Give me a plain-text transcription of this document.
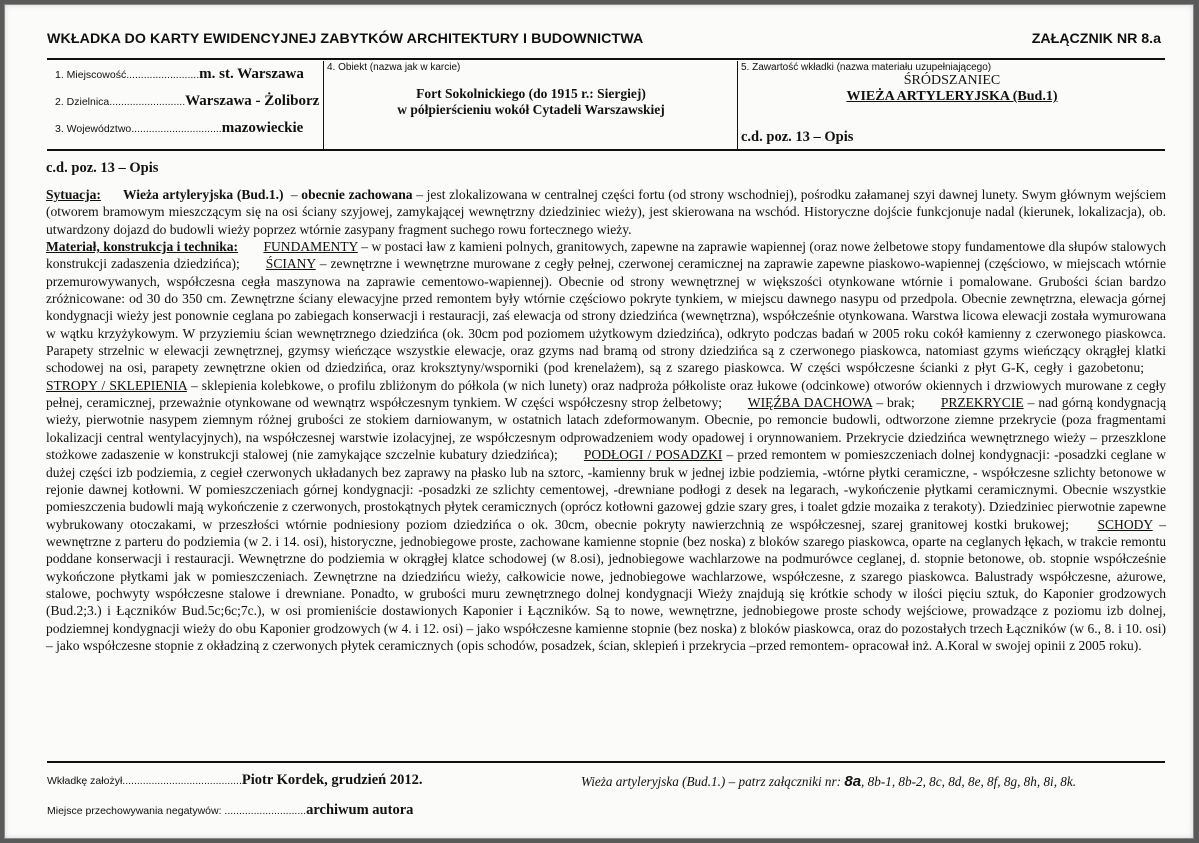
WKŁADKA DO KARTY EWIDENCYJNEJ ZABYTKÓW ARCHITEKTURY I BUDOWNICTWA	ZAŁĄCZNIK NR 8.a
1. Miejscowość......................... m. st. Warszawa
2. Dzielnica.......................... Warszawa - Żoliborz
3. Województwo............................... mazowieckie
4. Obiekt (nazwa jak w karcie)
Fort Sokolnickiego (do 1915 r.: Siergiej)
w półpierścieniu wokół Cytadeli Warszawskiej
5. Zawartość wkładki (nazwa materiału uzupełniającego)
ŚRÓDSZANIEC
WIEŻA ARTYLERYJSKA (Bud.1)
c.d. poz. 13 – Opis
c.d. poz. 13 – Opis

Sytuacja: Wieża artyleryjska (Bud.1.)  – obecnie zachowana – jest zlokalizowana w centralnej części fortu (od strony wschodniej), pośrodku załamanej szyi dawnej lunety. Swym głównym wejściem (otworem bramowym mieszczącym się na osi ściany szyjowej, zamykającej wewnętrzny dziedziniec wieży), jest skierowana na wschód. Historyczne dojście funkcjonuje nadal (kierunek, lokalizacja), ob. utwardzony dojazd do budowli wieży poprzez wtórnie zasypany fragment suchego rowu fortecznego wieży.

Materiał, konstrukcja i technika: FUNDAMENTY – w postaci ław z kamieni polnych, granitowych, zapewne na zaprawie wapiennej (oraz nowe żelbetowe stopy fundamentowe dla słupów stalowych konstrukcji zadaszenia dziedzińca); ŚCIANY – zewnętrzne i wewnętrzne murowane z cegły pełnej, czerwonej ceramicznej na zaprawie zapewne piaskowo-wapiennej (częściowo, w miejscach wtórnie przemurowywanych, współczesna cegła maszynowa na zaprawie cementowo-wapiennej). Obecnie od strony wewnętrznej w większości otynkowane wtórnie i pomalowane. Grubości ścian bardzo zróżnicowane: od 30 do 350 cm. Zewnętrzne ściany elewacyjne przed remontem były wtórnie częściowo pokryte tynkiem, w miejscu dawnego nasypu od przedpola. Obecnie zewnętrzna, elewacja górnej kondygnacji wieży jest ponownie ceglana po zabiegach konserwacji i restauracji, zaś elewacja od strony dziedzińca (wewnętrzna), współcześnie otynkowana. Warstwa licowa elewacji została wymurowana w wątku krzyżykowym. W przyziemiu ścian wewnętrznego dziedzińca (ok. 30cm pod poziomem użytkowym dziedzińca), odkryto podczas badań w 2005 roku cokół kamienny z czerwonego piaskowca. Parapety strzelnic w elewacji zewnętrznej, gzymsy wieńczące wszystkie elewacje, oraz gzyms nad bramą od strony dziedzińca są z czerwonego piaskowca, natomiast gzyms wieńczący okrągłej klatki schodowej na osi, parapety zewnętrzne okien od dziedzińca, oraz kroksztyny/wsporniki (pod krenelażem), są z szarego piaskowca. W części współczesne ścianki z płyt G-K, cegły i gazobetonu; STROPY / SKLEPIENIA – sklepienia kolebkowe, o profilu zbliżonym do półkola (w nich lunety) oraz nadproża półkoliste oraz łukowe (odcinkowe) otworów okiennych i drzwiowych murowane z cegły pełnej, ceramicznej, przeważnie otynkowane od wewnątrz współczesnym tynkiem. W części współczesny strop żelbetowy; WIĘŹBA DACHOWA – brak; PRZEKRYCIE – nad górną kondygnacją wieży, pierwotnie nasypem ziemnym różnej grubości ze stokiem darniowanym, w ostatnich latach zdeformowanym. Obecnie, po remoncie budowli, odtworzone ziemne przekrycie (poza fragmentami lokalizacji central wentylacyjnych), na współczesnej warstwie izolacyjnej, ze współczesnym odprowadzeniem wody opadowej i orynnowaniem. Przekrycie dziedzińca wewnętrznego wieży – przeszklone stożkowe zadaszenie w konstrukcji stalowej (nie zamykające szczelnie kubatury dziedzińca); PODŁOGI / POSADZKI – przed remontem w pomieszczeniach dolnej kondygnacji: -posadzki ceglane w dużej części izb podziemia, z cegieł czerwonych układanych bez zaprawy na płasko lub na sztorc, -kamienny bruk w jednej izbie podziemia, -wtórne płytki ceramiczne, - współczesne szlichty betonowe w rejonie dawnej kotłowni. W pomieszczeniach górnej kondygnacji: -posadzki ze szlichty cementowej, -drewniane podłogi z desek na legarach, -wykończenie płytkami ceramicznymi. Obecnie wszystkie pomieszczenia budowli mają wykończenie z czerwonych, prostokątnych płytek ceramicznych (oprócz kotłowni gazowej gdzie szary gres, i toalet gdzie mozaika z terakoty). Dziedziniec pierwotnie zapewne wybrukowany otoczakami, w przeszłości wtórnie podniesiony poziom dziedzińca o ok. 30cm, obecnie pokryty nawierzchnią ze współczesnej, szarej granitowej kostki brukowej; SCHODY – wewnętrzne z parteru do podziemia (w 2. i 14. osi), historyczne, jednobiegowe proste, zachowane kamienne stopnie (bez noska) z bloków szarego piaskowca, oparte na ceglanych łękach, w trakcie remontu poddane konserwacji i restauracji. Wewnętrzne do podziemia w okrągłej klatce schodowej (w 8.osi), jednobiegowe wachlarzowe na podmurówce ceglanej, d. stopnie betonowe, ob. stopnie współcześnie wykończone płytkami jak w pomieszczeniach. Zewnętrzne na dziedzińcu wieży, całkowicie nowe, jednobiegowe wachlarzowe, współczesne, z szarego piaskowca. Balustrady współczesne, ażurowe, stalowe, pochwyty współczesne stalowe i drewniane. Ponadto, w grubości muru zewnętrznego dolnej kondygnacji Wieży znajdują się krótkie schody w ilości pięciu sztuk, do Kaponier grodzowych (Bud.2;3.) i Łączników Bud.5c;6c;7c.), w osi promieniście dostawionych Kaponier i Łączników. Są to nowe, wewnętrzne, jednobiegowe proste schody wejściowe, prowadzące z poziomu izb dolnej, podziemnej kondygnacji wieży do obu Kaponier grodzowych (w 4. i 12. osi) – jako współczesne kamienne stopnie (bez noska) z bloków piaskowca, oraz do pozostałych trzech Łączników (w 6., 8. i 10. osi) – jako współczesne stopnie z okładziną z czerwonych płytek ceramicznych (opis schodów, posadzek, ścian, sklepień i przekrycia –przed remontem- opracował inż. A.Koral w swojej opinii z 2005 roku).

Wkładkę założył......................................... Piotr Kordek, grudzień 2012.
Miejsce przechowywania negatywów: ............................ archiwum autora
Wieża artyleryjska (Bud.1.) – patrz załączniki nr: 8a, 8b-1, 8b-2, 8c, 8d, 8e, 8f, 8g, 8h, 8i, 8k.
